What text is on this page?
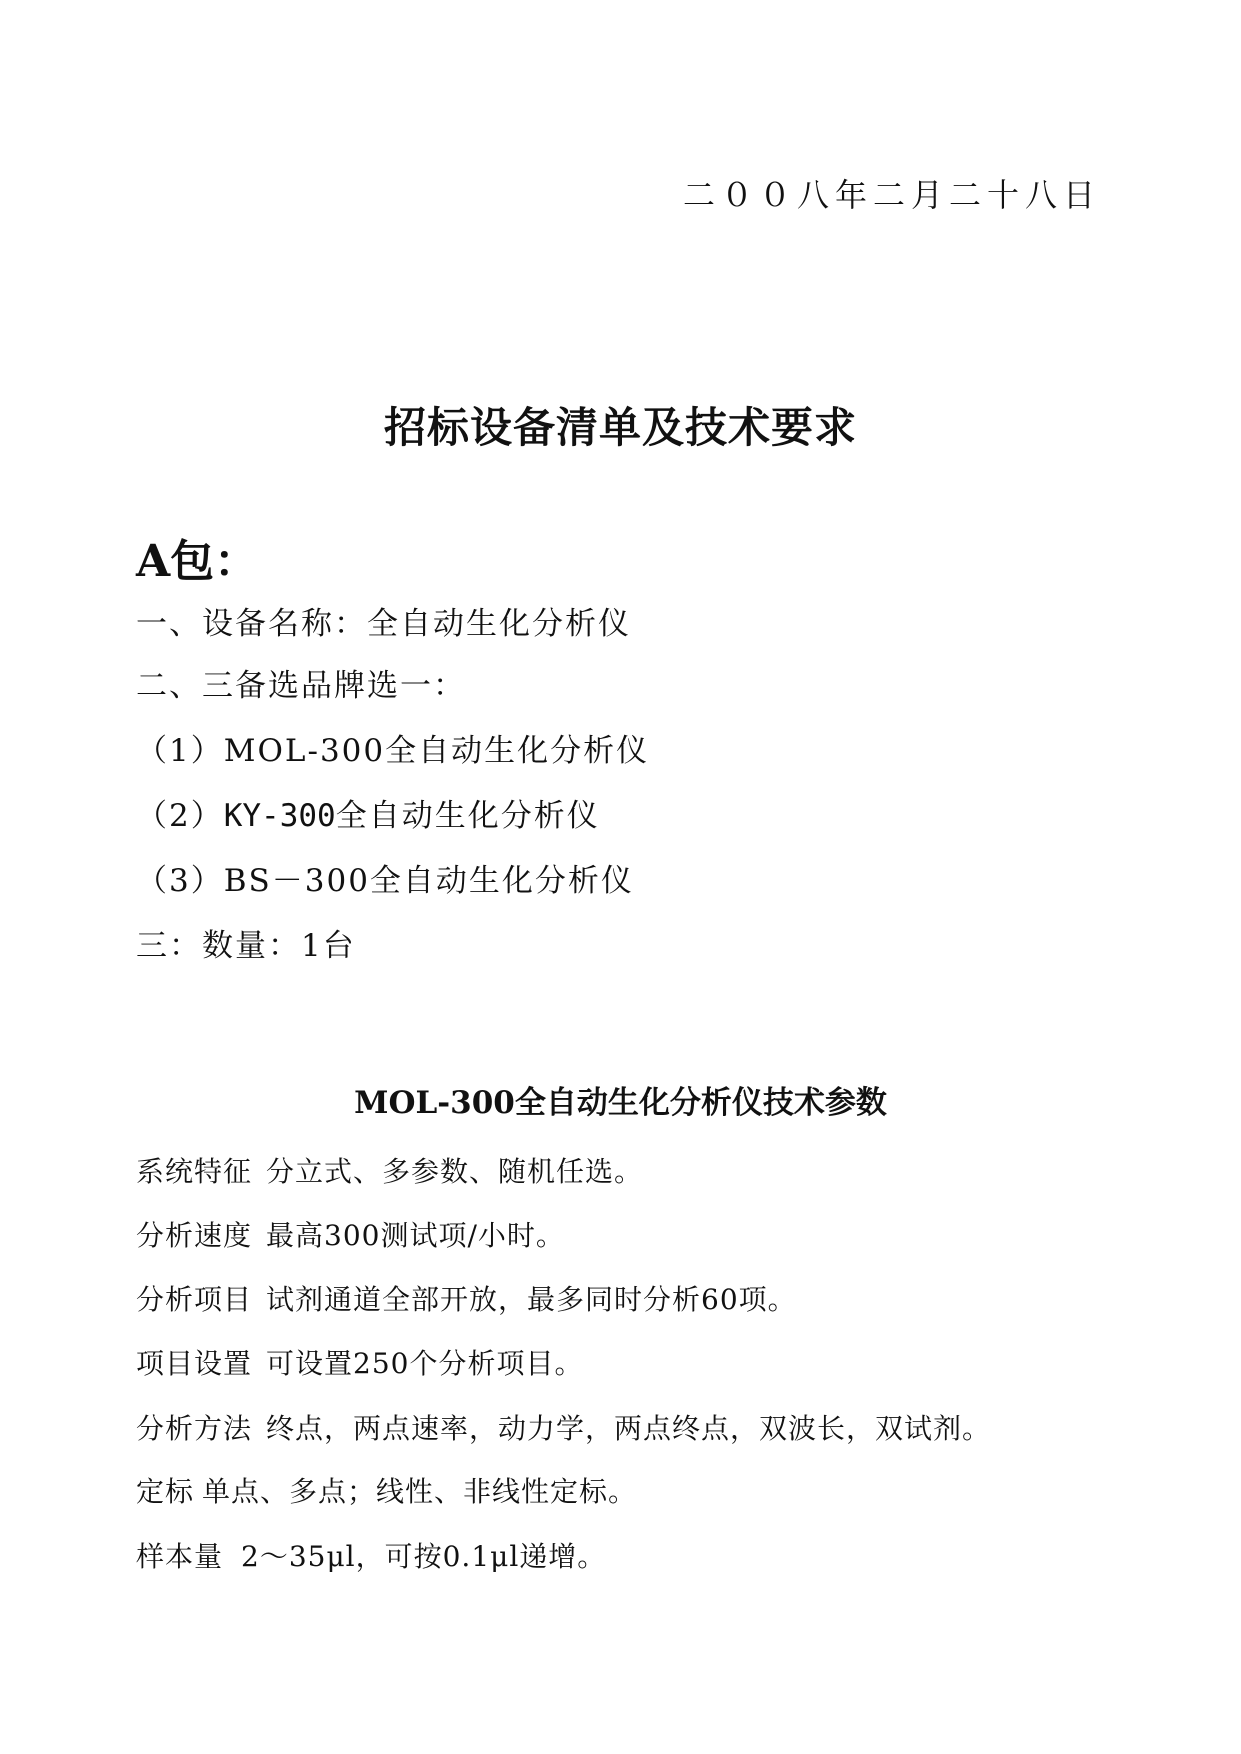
二００八年二月二十八日
招标设备清单及技术要求
A包：
一、设备名称：全自动生化分析仪
二、三备选品牌选一：
（1）MOL-300全自动生化分析仪
（2）KY-300全自动生化分析仪
（3）BS－300全自动生化分析仪
三：数量：1台
MOL-300全自动生化分析仪技术参数
系统特征 分立式、多参数、随机任选。
分析速度 最高300测试项/小时。
分析项目 试剂通道全部开放，最多同时分析60项。
项目设置 可设置250个分析项目。
分析方法 终点，两点速率，动力学，两点终点，双波长，双试剂。
定标 单点、多点；线性、非线性定标。
样本量 2～35μl，可按0.1μl递增。
